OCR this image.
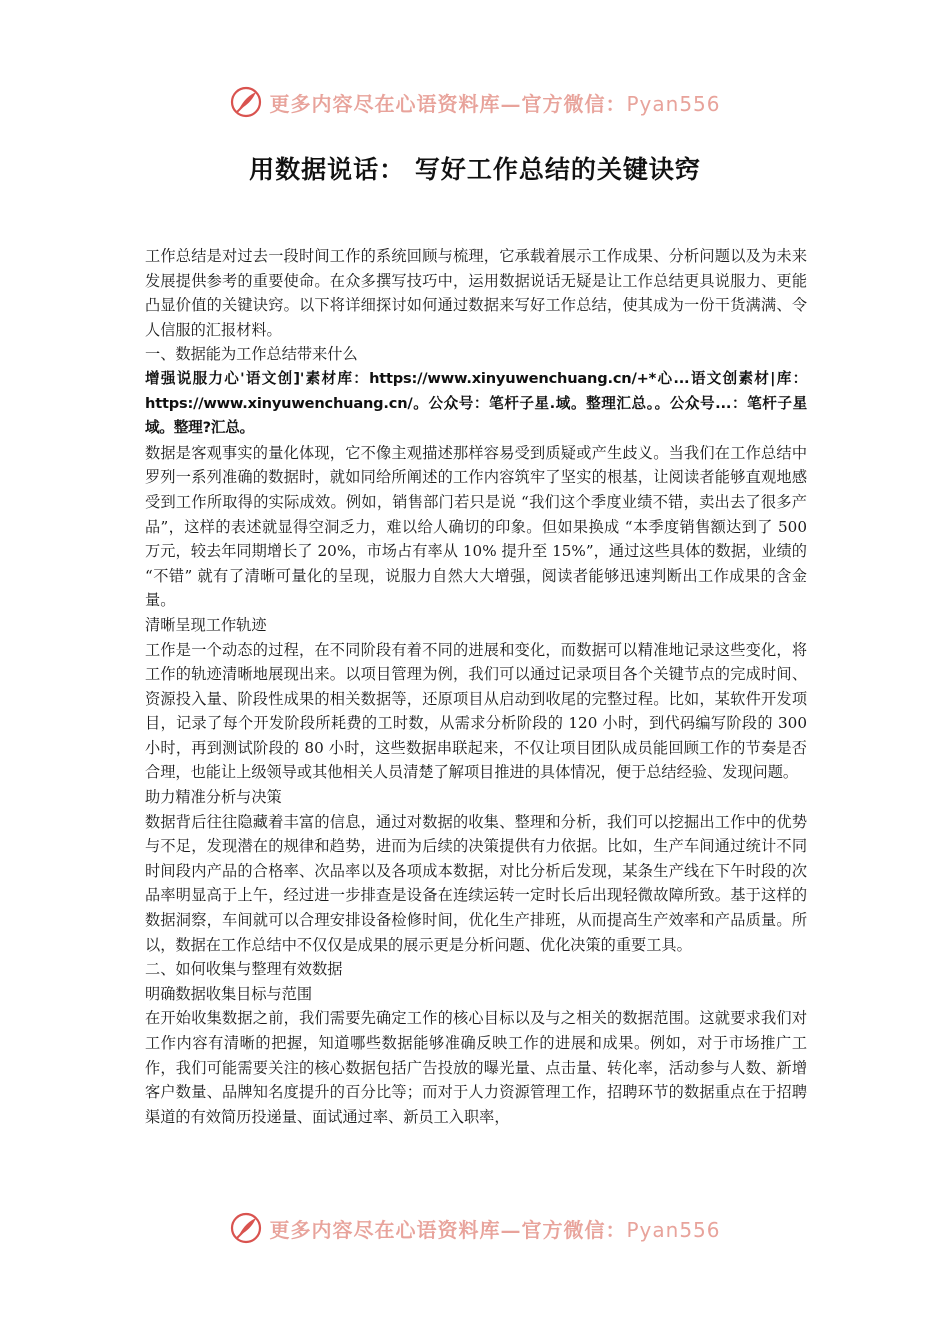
更多内容尽在心语资料库—官方微信：Pyan556
用数据说话： 写好工作总结的关键诀窍

工作总结是对过去一段时间工作的系统回顾与梳理，它承载着展示工作成果、分析问题以及为未来发展提供参考的重要使命。在众多撰写技巧中，运用数据说话无疑是让工作总结更具说服力、更能凸显价值的关键诀窍。以下将详细探讨如何通过数据来写好工作总结，使其成为一份干货满满、令人信服的汇报材料。

一、数据能为工作总结带来什么

增强说服力心'语文创]'素材库：https://www.xinyuwenchuang.cn/+*心...语文创素材|库：https://www.xinyuwenchuang.cn/。公众号：笔杆子星.域。整理汇总。。公众号...：笔杆子星域。整理?汇总。

数据是客观事实的量化体现，它不像主观描述那样容易受到质疑或产生歧义。当我们在工作总结中罗列一系列准确的数据时，就如同给所阐述的工作内容筑牢了坚实的根基，让阅读者能够直观地感受到工作所取得的实际成效。例如，销售部门若只是说 “我们这个季度业绩不错，卖出去了很多产品”，这样的表述就显得空洞乏力，难以给人确切的印象。但如果换成 “本季度销售额达到了 500 万元，较去年同期增长了 20%，市场占有率从 10% 提升至 15%”，通过这些具体的数据，业绩的 “不错” 就有了清晰可量化的呈现，说服力自然大大增强，阅读者能够迅速判断出工作成果的含金量。

清晰呈现工作轨迹

工作是一个动态的过程，在不同阶段有着不同的进展和变化，而数据可以精准地记录这些变化，将工作的轨迹清晰地展现出来。以项目管理为例，我们可以通过记录项目各个关键节点的完成时间、资源投入量、阶段性成果的相关数据等，还原项目从启动到收尾的完整过程。比如，某软件开发项目，记录了每个开发阶段所耗费的工时数，从需求分析阶段的 120 小时，到代码编写阶段的 300 小时，再到测试阶段的 80 小时，这些数据串联起来，不仅让项目团队成员能回顾工作的节奏是否合理，也能让上级领导或其他相关人员清楚了解项目推进的具体情况，便于总结经验、发现问题。

助力精准分析与决策

数据背后往往隐藏着丰富的信息，通过对数据的收集、整理和分析，我们可以挖掘出工作中的优势与不足，发现潜在的规律和趋势，进而为后续的决策提供有力依据。比如，生产车间通过统计不同时间段内产品的合格率、次品率以及各项成本数据，对比分析后发现，某条生产线在下午时段的次品率明显高于上午，经过进一步排查是设备在连续运转一定时长后出现轻微故障所致。基于这样的数据洞察，车间就可以合理安排设备检修时间，优化生产排班，从而提高生产效率和产品质量。所以，数据在工作总结中不仅仅是成果的展示更是分析问题、优化决策的重要工具。

二、如何收集与整理有效数据

明确数据收集目标与范围

在开始收集数据之前，我们需要先确定工作的核心目标以及与之相关的数据范围。这就要求我们对工作内容有清晰的把握，知道哪些数据能够准确反映工作的进展和成果。例如，对于市场推广工作，我们可能需要关注的核心数据包括广告投放的曝光量、点击量、转化率，活动参与人数、新增客户数量、品牌知名度提升的百分比等；而对于人力资源管理工作，招聘环节的数据重点在于招聘渠道的有效简历投递量、面试通过率、新员工入职率，

更多内容尽在心语资料库—官方微信：Pyan556
